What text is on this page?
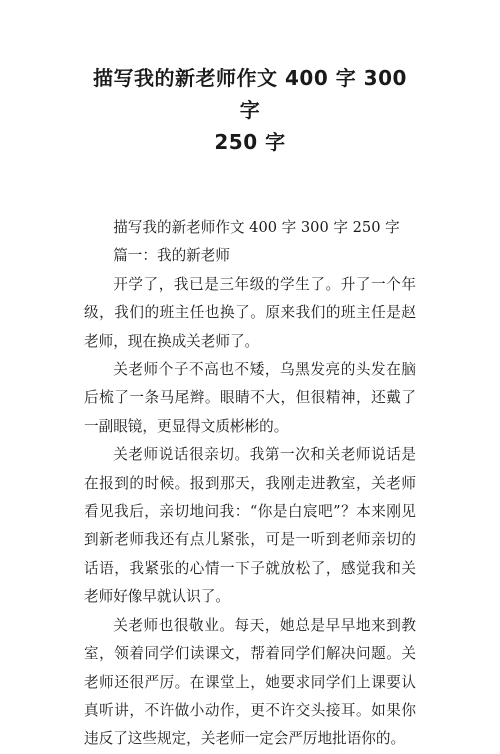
描写我的新老师作文 400 字 300 字
250 字

描写我的新老师作文 400 字 300 字 250 字

篇一：我的新老师

开学了，我已是三年级的学生了。升了一个年级，我们的班主任也换了。原来我们的班主任是赵老师，现在换成关老师了。

关老师个子不高也不矮，乌黑发亮的头发在脑后梳了一条马尾辫。眼睛不大，但很精神，还戴了一副眼镜，更显得文质彬彬的。

关老师说话很亲切。我第一次和关老师说话是在报到的时候。报到那天，我刚走进教室，关老师看见我后，亲切地问我：“你是白宸吧”？本来刚见到新老师我还有点儿紧张，可是一听到老师亲切的话语，我紧张的心情一下子就放松了，感觉我和关老师好像早就认识了。

关老师也很敬业。每天，她总是早早地来到教室，领着同学们读课文，帮着同学们解决问题。关老师还很严厉。在课堂上，她要求同学们上课要认真听讲，不许做小动作，更不许交头接耳。如果你违反了这些规定，关老师一定会严厉地批语你的。
